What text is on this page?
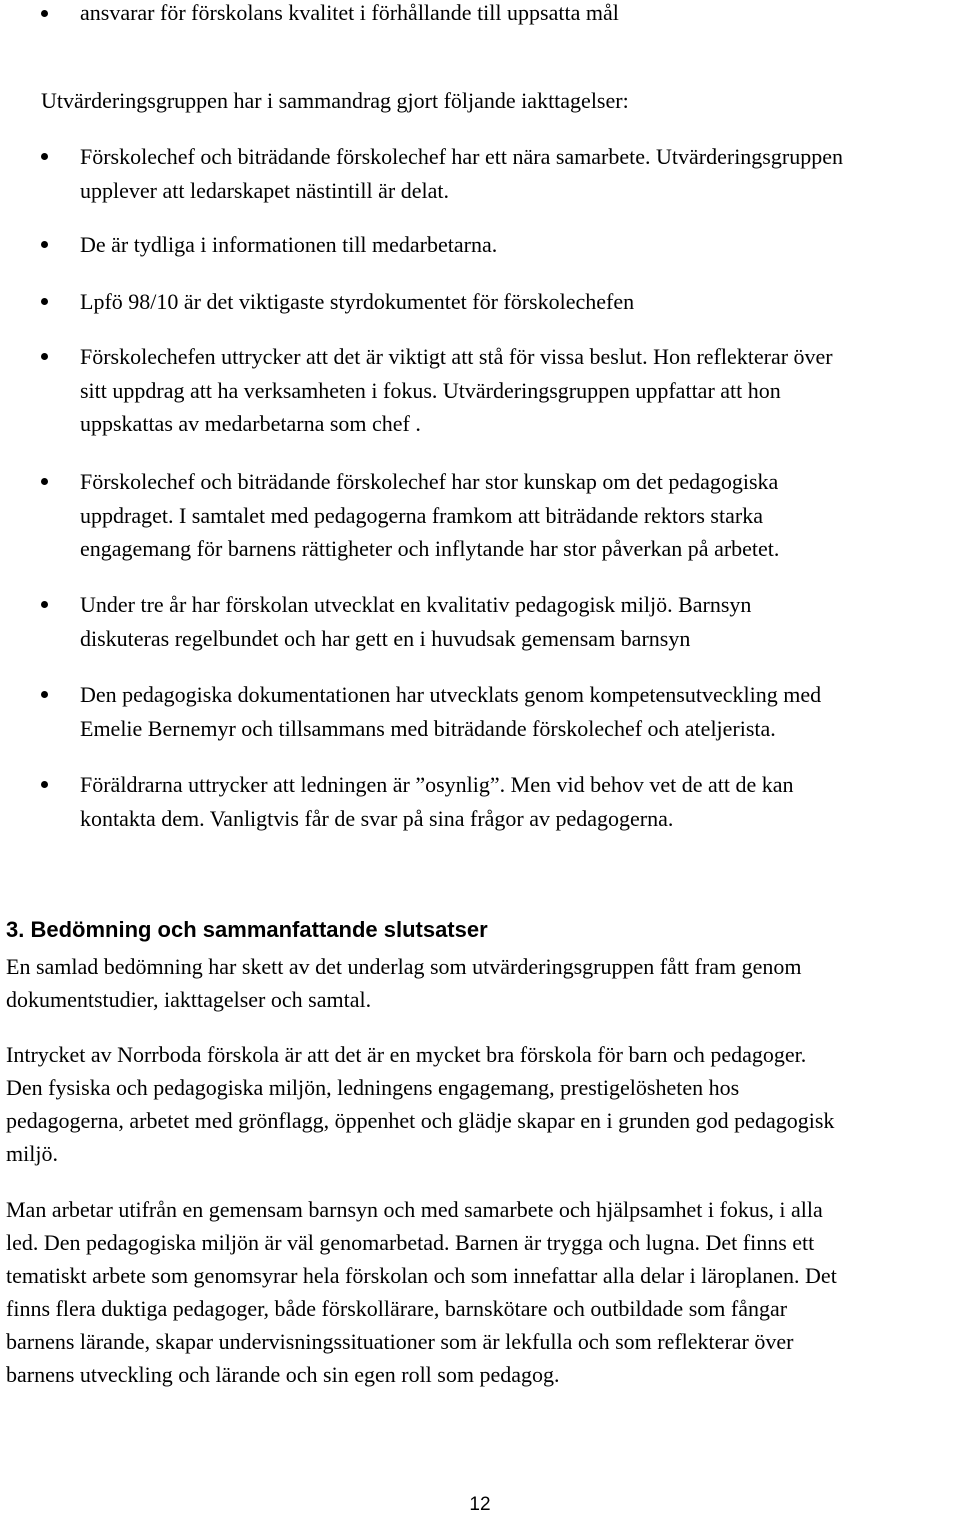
ansvarar för förskolans kvalitet i förhållande till uppsatta mål

Utvärderingsgruppen har i sammandrag gjort följande iakttagelser:

Förskolechef och biträdande förskolechef har ett nära samarbete. Utvärderingsgruppen
upplever att ledarskapet nästintill är delat.

De är tydliga i informationen till medarbetarna.

Lpfö 98/10 är det viktigaste styrdokumentet för förskolechefen

Förskolechefen uttrycker att det är viktigt att stå för vissa beslut. Hon reflekterar över
sitt uppdrag att ha verksamheten i fokus. Utvärderingsgruppen uppfattar att hon
uppskattas av medarbetarna som chef .

Förskolechef och biträdande förskolechef har stor kunskap om det pedagogiska
uppdraget. I samtalet med pedagogerna framkom att biträdande rektors starka
engagemang för barnens rättigheter och inflytande har stor påverkan på arbetet.

Under tre år har förskolan utvecklat en kvalitativ pedagogisk miljö. Barnsyn
diskuteras regelbundet och har gett en i huvudsak gemensam barnsyn

Den pedagogiska dokumentationen har utvecklats genom kompetensutveckling med
Emelie Bernemyr och tillsammans med biträdande förskolechef och ateljerista.

Föräldrarna uttrycker att ledningen är ”osynlig”. Men vid behov vet de att de kan
kontakta dem. Vanligtvis får de svar på sina frågor av pedagogerna.

3. Bedömning och sammanfattande slutsatser

En samlad bedömning har skett av det underlag som utvärderingsgruppen fått fram genom
dokumentstudier, iakttagelser och samtal.

Intrycket av Norrboda förskola är att det är en mycket bra förskola för barn och pedagoger.
Den fysiska och pedagogiska miljön, ledningens engagemang, prestigelösheten hos
pedagogerna, arbetet med grönflagg, öppenhet och glädje skapar en i grunden god pedagogisk
miljö.

Man arbetar utifrån en gemensam barnsyn och med samarbete och hjälpsamhet i fokus, i alla
led. Den pedagogiska miljön är väl genomarbetad. Barnen är trygga och lugna. Det finns ett
tematiskt arbete som genomsyrar hela förskolan och som innefattar alla delar i läroplanen. Det
finns flera duktiga pedagoger, både förskollärare, barnskötare och outbildade som fångar
barnens lärande, skapar undervisningssituationer som är lekfulla och som reflekterar över
barnens utveckling och lärande och sin egen roll som pedagog.

12
